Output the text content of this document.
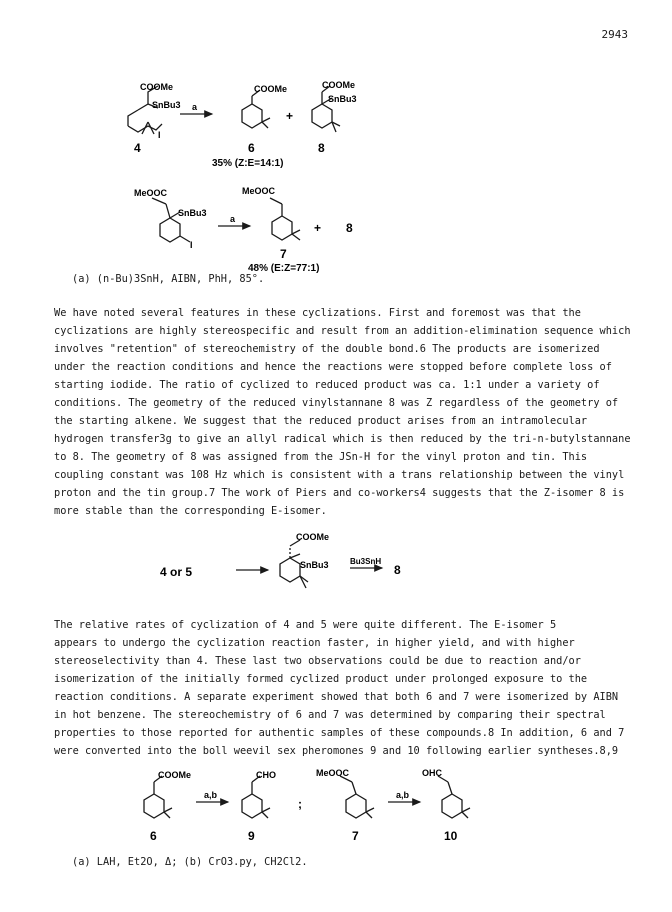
2943
COOMe
SnBu3
I
4
a
COOMe
6
+
COOMe
SnBu3
8
35% (Z:E=14:1)
MeOOC
SnBu3
I
a
MeOOC
7
+ 8
48% (E:Z=77:1)
(a) (n-Bu)3SnH, AIBN, PhH, 85°.

We have noted several features in these cyclizations. First and foremost was that the
cyclizations are highly stereospecific and result from an addition-elimination sequence which
involves "retention" of stereochemistry of the double bond.6 The products are isomerized
under the reaction conditions and hence the reactions were stopped before complete loss of
starting iodide. The ratio of cyclized to reduced product was ca. 1:1 under a variety of
conditions. The geometry of the reduced vinylstannane 8 was Z regardless of the geometry of
the starting alkene. We suggest that the reduced product arises from an intramolecular
hydrogen transfer3g to give an allyl radical which is then reduced by the tri-n-butylstannane
to 8. The geometry of 8 was assigned from the JSn-H for the vinyl proton and tin. This
coupling constant was 108 Hz which is consistent with a trans relationship between the vinyl
proton and the tin group.7 The work of Piers and co-workers4 suggests that the Z-isomer 8 is
more stable than the corresponding E-isomer.

4 or 5
COOMe
SnBu3	Bu3SnH
8

The relative rates of cyclization of 4 and 5 were quite different. The E-isomer 5
appears to undergo the cyclization reaction faster, in higher yield, and with higher
stereoselectivity than 4. These last two observations could be due to reaction and/or
isomerization of the initially formed cyclized product under prolonged exposure to the
reaction conditions. A separate experiment showed that both 6 and 7 were isomerized by AIBN
in hot benzene. The stereochemistry of 6 and 7 was determined by comparing their spectral
properties to those reported for authentic samples of these compounds.8 In addition, 6 and 7
were converted into the boll weevil sex pheromones 9 and 10 following earlier syntheses.8,9

COOMe
6
a,b
CHO
9
;
MeOOC
7
a,b
OHC
10
(a) LAH, Et2O, Δ; (b) CrO3.py, CH2Cl2.
